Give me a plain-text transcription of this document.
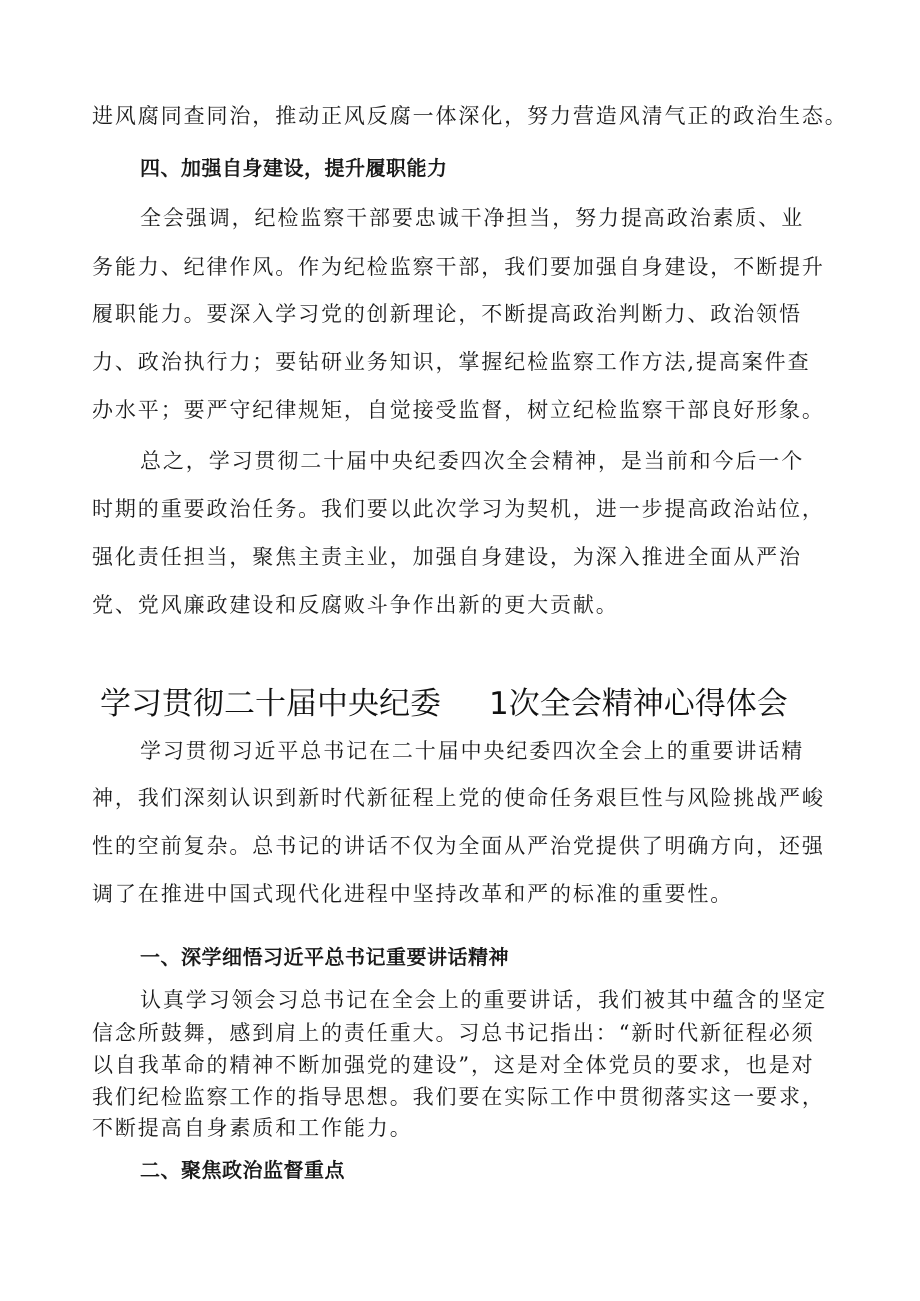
进风腐同查同治，推动正风反腐一体深化，努力营造风清气正的政治生态。
四、加强自身建设，提升履职能力
全会强调，纪检监察干部要忠诚干净担当，努力提高政治素质、业
务能力、纪律作风。作为纪检监察干部，我们要加强自身建设，不断提升
履职能力。要深入学习党的创新理论，不断提高政治判断力、政治领悟
力、政治执行力；要钻研业务知识，掌握纪检监察工作方法,提高案件查
办水平；要严守纪律规矩，自觉接受监督，树立纪检监察干部良好形象。
总之，学习贯彻二十届中央纪委四次全会精神，是当前和今后一个
时期的重要政治任务。我们要以此次学习为契机，进一步提高政治站位，
强化责任担当，聚焦主责主业，加强自身建设，为深入推进全面从严治
党、党风廉政建设和反腐败斗争作出新的更大贡献。
学习贯彻二十届中央纪委 1次全会精神心得体会
学习贯彻习近平总书记在二十届中央纪委四次全会上的重要讲话精
神，我们深刻认识到新时代新征程上党的使命任务艰巨性与风险挑战严峻
性的空前复杂。总书记的讲话不仅为全面从严治党提供了明确方向，还强
调了在推进中国式现代化进程中坚持改革和严的标准的重要性。
一、深学细悟习近平总书记重要讲话精神
认真学习领会习总书记在全会上的重要讲话，我们被其中蕴含的坚定
信念所鼓舞，感到肩上的责任重大。习总书记指出：“新时代新征程必须
以自我革命的精神不断加强党的建设”，这是对全体党员的要求，也是对
我们纪检监察工作的指导思想。我们要在实际工作中贯彻落实这一要求，
不断提高自身素质和工作能力。
二、聚焦政治监督重点
